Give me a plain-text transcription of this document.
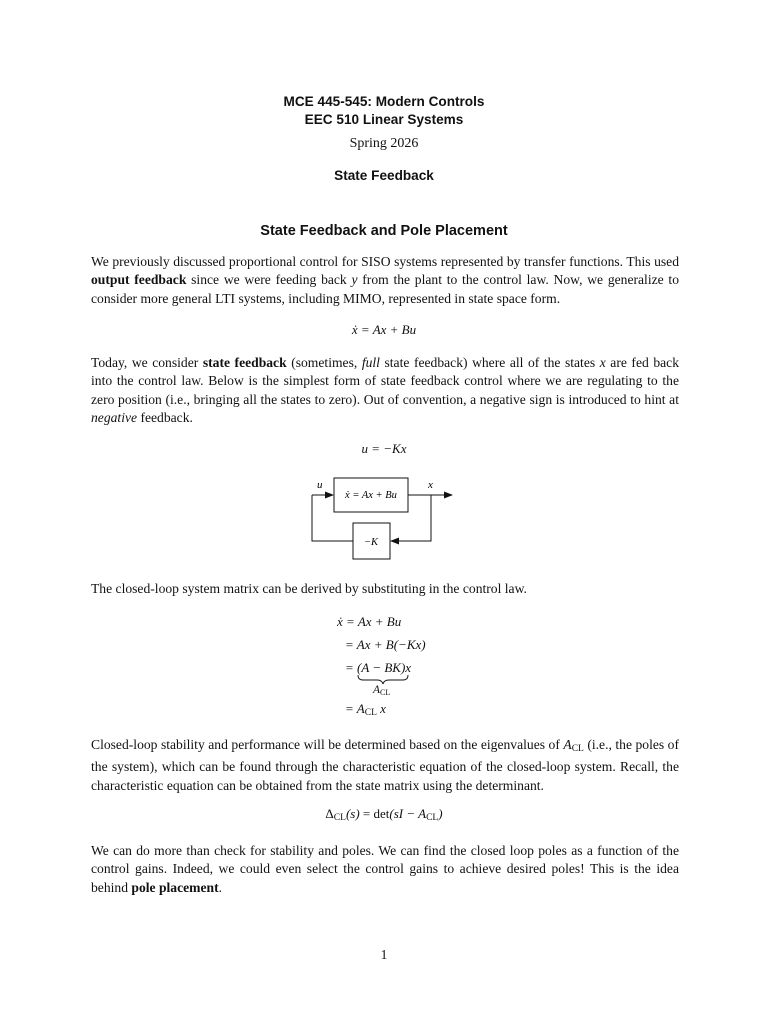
MCE 445-545: Modern Controls
EEC 510 Linear Systems
Spring 2026
State Feedback
State Feedback and Pole Placement
We previously discussed proportional control for SISO systems represented by transfer functions. This used output feedback since we were feeding back y from the plant to the control law. Now, we generalize to consider more general LTI systems, including MIMO, represented in state space form.
ẋ = Ax + Bu
Today, we consider state feedback (sometimes, full state feedback) where all of the states x are fed back into the control law. Below is the simplest form of state feedback control where we are regulating to the zero position (i.e., bringing all the states to zero). Out of convention, a negative sign is introduced to hint at negative feedback.
u = −Kx
u	x
ẋ = Ax + Bu
−K
The closed-loop system matrix can be derived by substituting in the control law.
ẋ = Ax + Bu
= Ax + B(−Kx)
= (A − BK)x
$A_{CL}$
= $A_{CL}$ x
Closed-loop stability and performance will be determined based on the eigenvalues of $A_{CL}$ (i.e., the poles of the system), which can be found through the characteristic equation of the closed-loop system. Recall, the characteristic equation can be obtained from the state matrix using the determinant.
$\Delta_{CL}(s) = \det(sI - A_{CL})$
We can do more than check for stability and poles. We can find the closed loop poles as a function of the control gains. Indeed, we could even select the control gains to achieve desired poles! This is the idea behind pole placement.
1
